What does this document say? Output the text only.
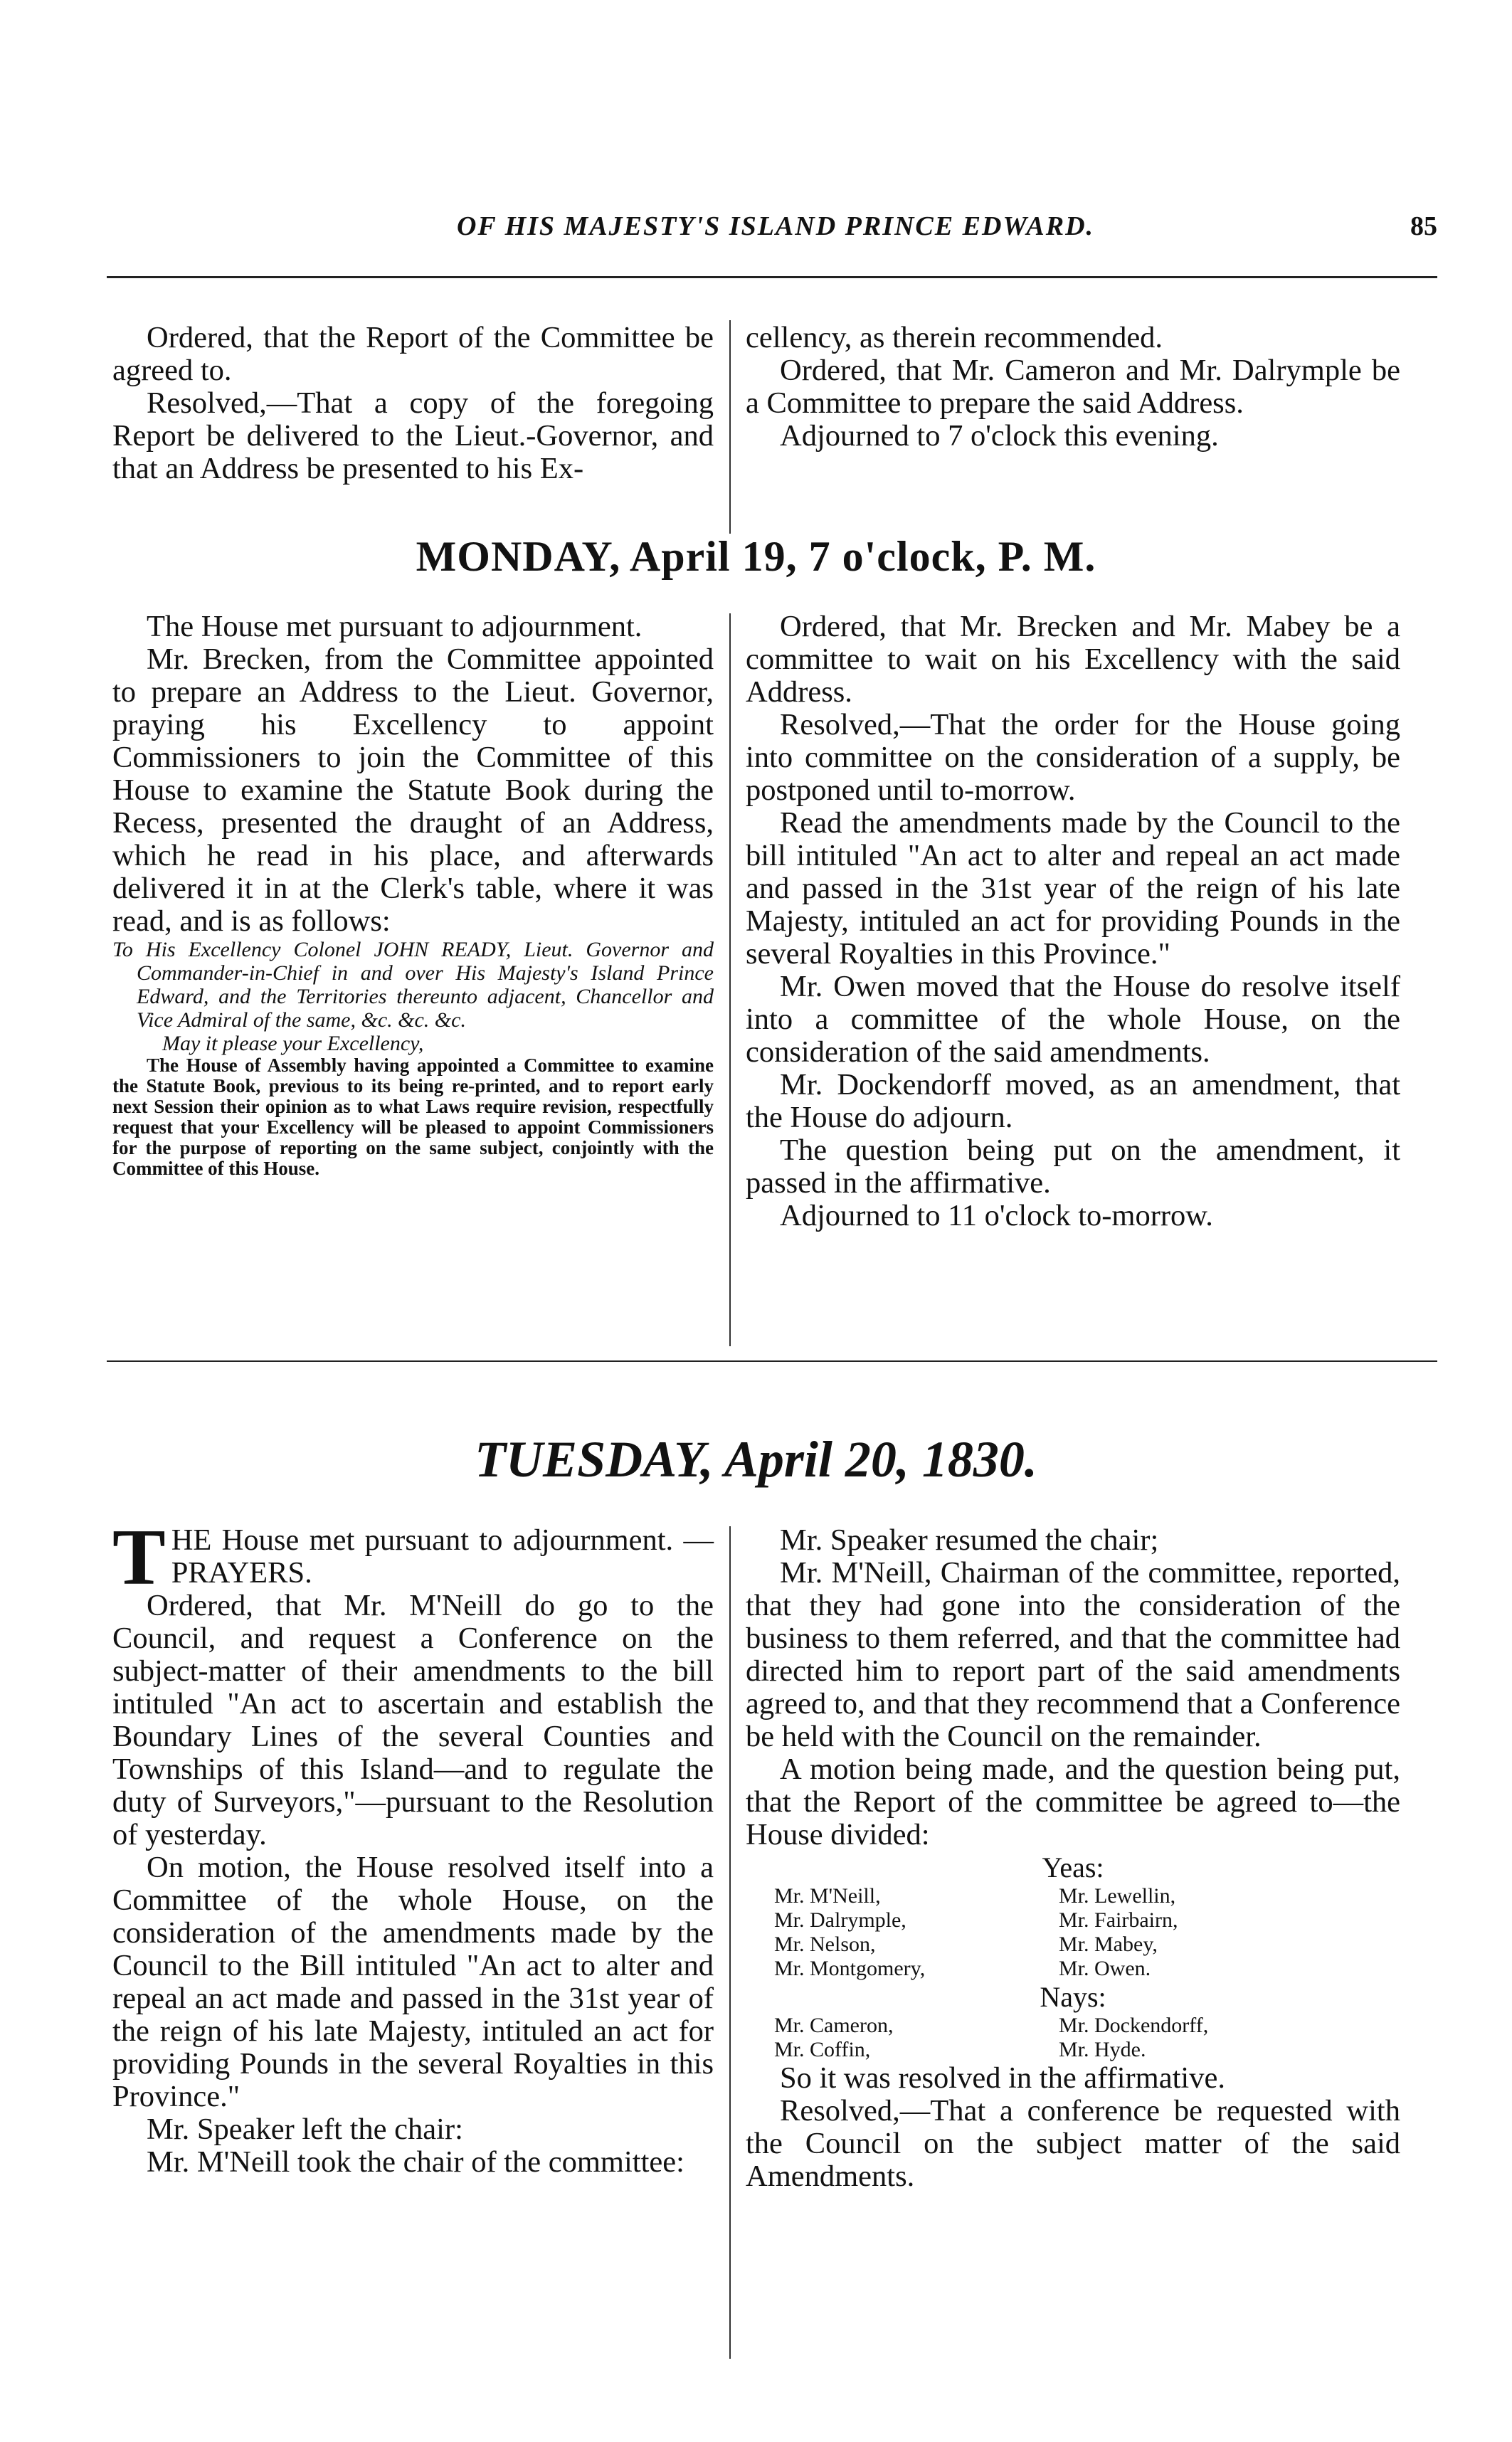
OF HIS MAJESTY'S ISLAND PRINCE EDWARD.	85

Ordered, that the Report of the Committee be agreed to.

Resolved,—That a copy of the foregoing Report be delivered to the Lieut.-Governor, and that an Address be presented to his Ex-

cellency, as therein recommended.

Ordered, that Mr. Cameron and Mr. Dalrymple be a Committee to prepare the said Address.

Adjourned to 7 o'clock this evening.

MONDAY, April 19, 7 o'clock, P. M.

The House met pursuant to adjournment.

Mr. Brecken, from the Committee appointed to prepare an Address to the Lieut. Governor, praying his Excellency to appoint Commissioners to join the Committee of this House to examine the Statute Book during the Recess, presented the draught of an Address, which he read in his place, and afterwards delivered it in at the Clerk's table, where it was read, and is as follows:

To His Excellency Colonel JOHN READY, Lieut. Governor and Commander-in-Chief in and over His Majesty's Island Prince Edward, and the Territories thereunto adjacent, Chancellor and Vice Admiral of the same, &c. &c. &c.

May it please your Excellency,

The House of Assembly having appointed a Committee to examine the Statute Book, previous to its being re-printed, and to report early next Session their opinion as to what Laws require revision, respectfully request that your Excellency will be pleased to appoint Commissioners for the purpose of reporting on the same subject, conjointly with the Committee of this House.

Ordered, that Mr. Brecken and Mr. Mabey be a committee to wait on his Excellency with the said Address.

Resolved,—That the order for the House going into committee on the consideration of a supply, be postponed until to-morrow.

Read the amendments made by the Council to the bill intituled "An act to alter and repeal an act made and passed in the 31st year of the reign of his late Majesty, intituled an act for providing Pounds in the several Royalties in this Province."

Mr. Owen moved that the House do resolve itself into a committee of the whole House, on the consideration of the said amendments.

Mr. Dockendorff moved, as an amendment, that the House do adjourn.

The question being put on the amendment, it passed in the affirmative.

Adjourned to 11 o'clock to-morrow.

TUESDAY, April 20, 1830.

THE House met pursuant to adjournment. —PRAYERS.

Ordered, that Mr. M'Neill do go to the Council, and request a Conference on the subject-matter of their amendments to the bill intituled "An act to ascertain and establish the Boundary Lines of the several Counties and Townships of this Island—and to regulate the duty of Surveyors,"—pursuant to the Resolution of yesterday.

On motion, the House resolved itself into a Committee of the whole House, on the consideration of the amendments made by the Council to the Bill intituled "An act to alter and repeal an act made and passed in the 31st year of the reign of his late Majesty, intituled an act for providing Pounds in the several Royalties in this Province."

Mr. Speaker left the chair:

Mr. M'Neill took the chair of the committee:

Mr. Speaker resumed the chair;

Mr. M'Neill, Chairman of the committee, reported, that they had gone into the consideration of the business to them referred, and that the committee had directed him to report part of the said amendments agreed to, and that they recommend that a Conference be held with the Council on the remainder.

A motion being made, and the question being put, that the Report of the committee be agreed to—the House divided:

Yeas:
Mr. M'Neill,	Mr. Lewellin,
Mr. Dalrymple,	Mr. Fairbairn,
Mr. Nelson,	Mr. Mabey,
Mr. Montgomery,	Mr. Owen.
Nays:
Mr. Cameron,	Mr. Dockendorff,
Mr. Coffin,	Mr. Hyde.

So it was resolved in the affirmative.

Resolved,—That a conference be requested with the Council on the subject matter of the said Amendments.
